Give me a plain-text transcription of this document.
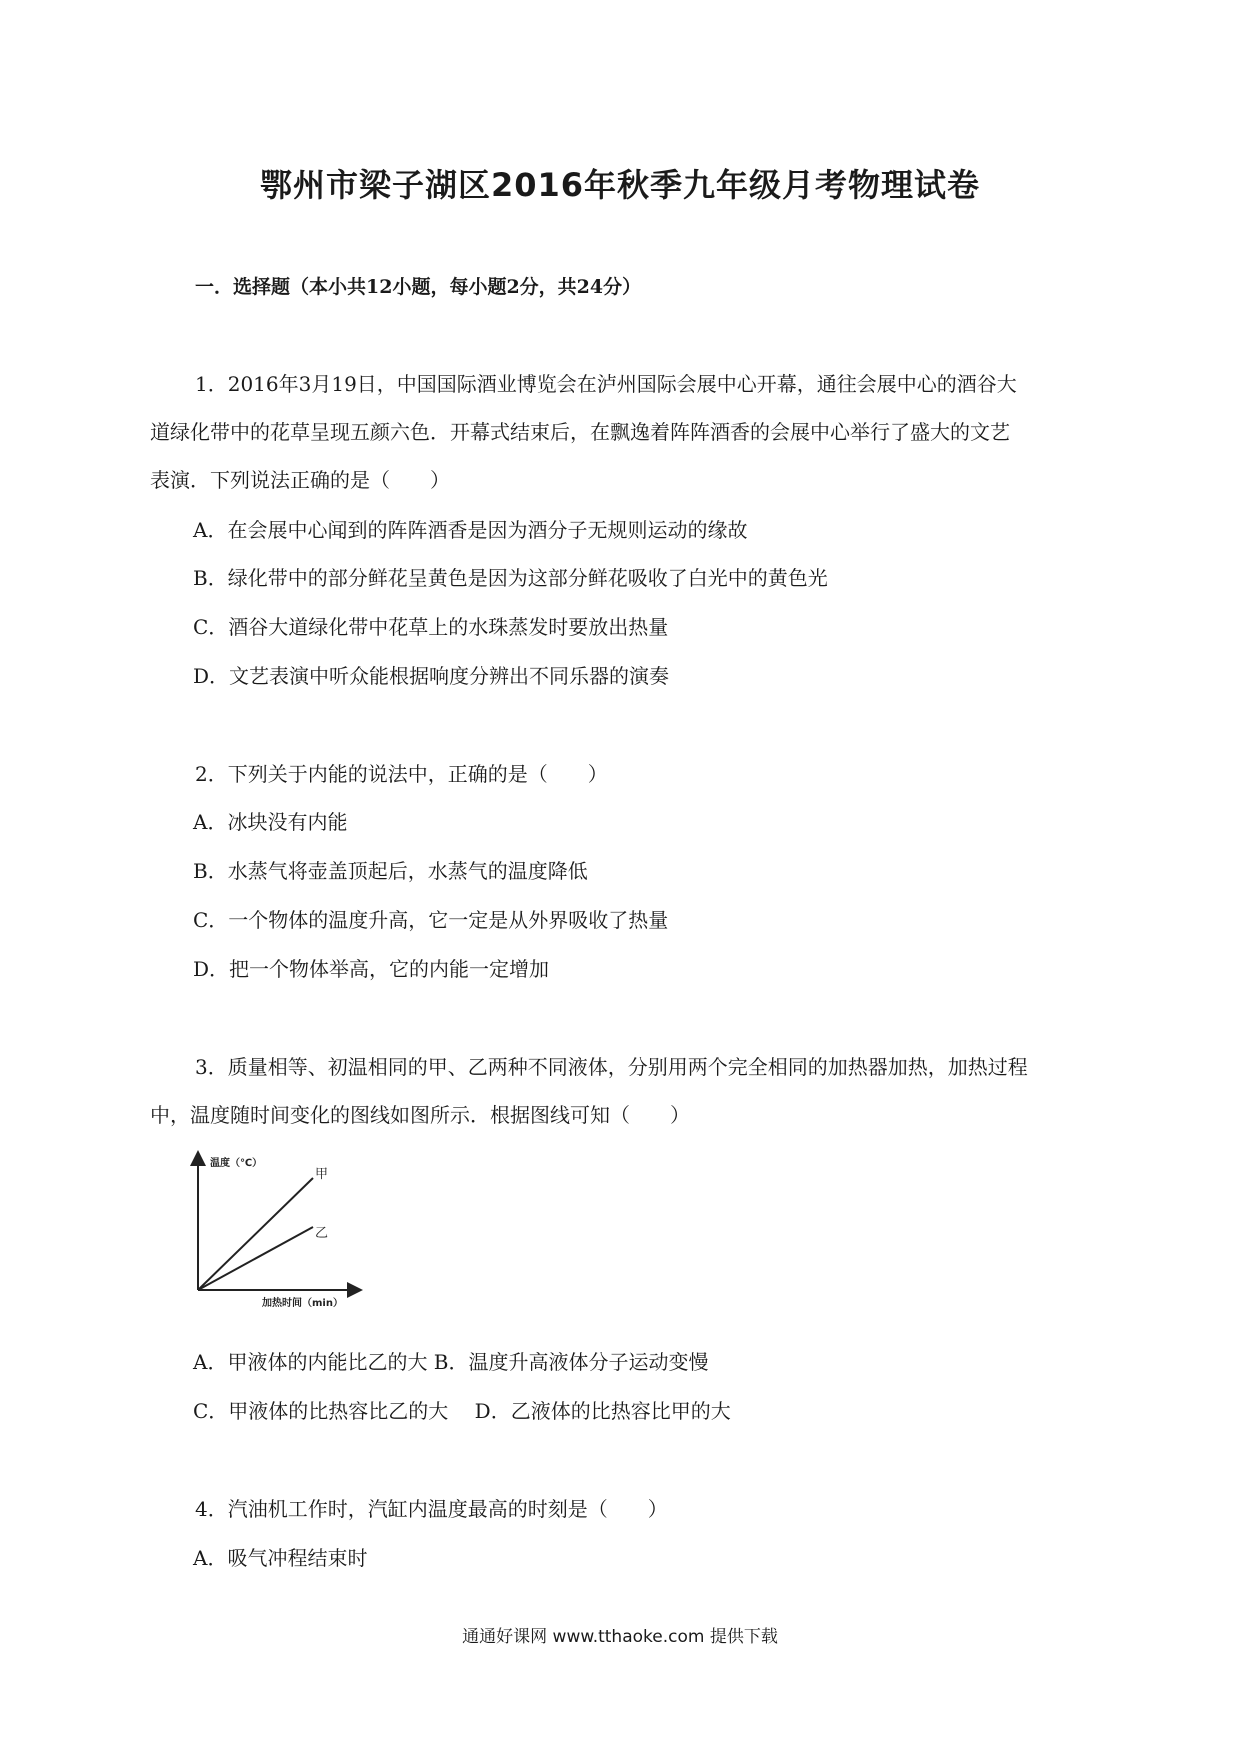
鄂州市梁子湖区2016年秋季九年级月考物理试卷
一．选择题（本小共12小题，每小题2分，共24分）
1．2016年3月19日，中国国际酒业博览会在泸州国际会展中心开幕，通往会展中心的酒谷大
道绿化带中的花草呈现五颜六色．开幕式结束后，在飘逸着阵阵酒香的会展中心举行了盛大的文艺
表演．下列说法正确的是（　　）
A．在会展中心闻到的阵阵酒香是因为酒分子无规则运动的缘故
B．绿化带中的部分鲜花呈黄色是因为这部分鲜花吸收了白光中的黄色光
C．酒谷大道绿化带中花草上的水珠蒸发时要放出热量
D．文艺表演中听众能根据响度分辨出不同乐器的演奏
2．下列关于内能的说法中，正确的是（　　）
A．冰块没有内能
B．水蒸气将壶盖顶起后，水蒸气的温度降低
C．一个物体的温度升高，它一定是从外界吸收了热量
D．把一个物体举高，它的内能一定增加
3．质量相等、初温相同的甲、乙两种不同液体，分别用两个完全相同的加热器加热，加热过程
中，温度随时间变化的图线如图所示．根据图线可知（　　）
温度（℃）
加热时间（min）
甲
乙
A．甲液体的内能比乙的大 B．温度升高液体分子运动变慢
C．甲液体的比热容比乙的大　 D．乙液体的比热容比甲的大
4．汽油机工作时，汽缸内温度最高的时刻是（　　）
A．吸气冲程结束时
通通好课网 www.tthaoke.com 提供下载
